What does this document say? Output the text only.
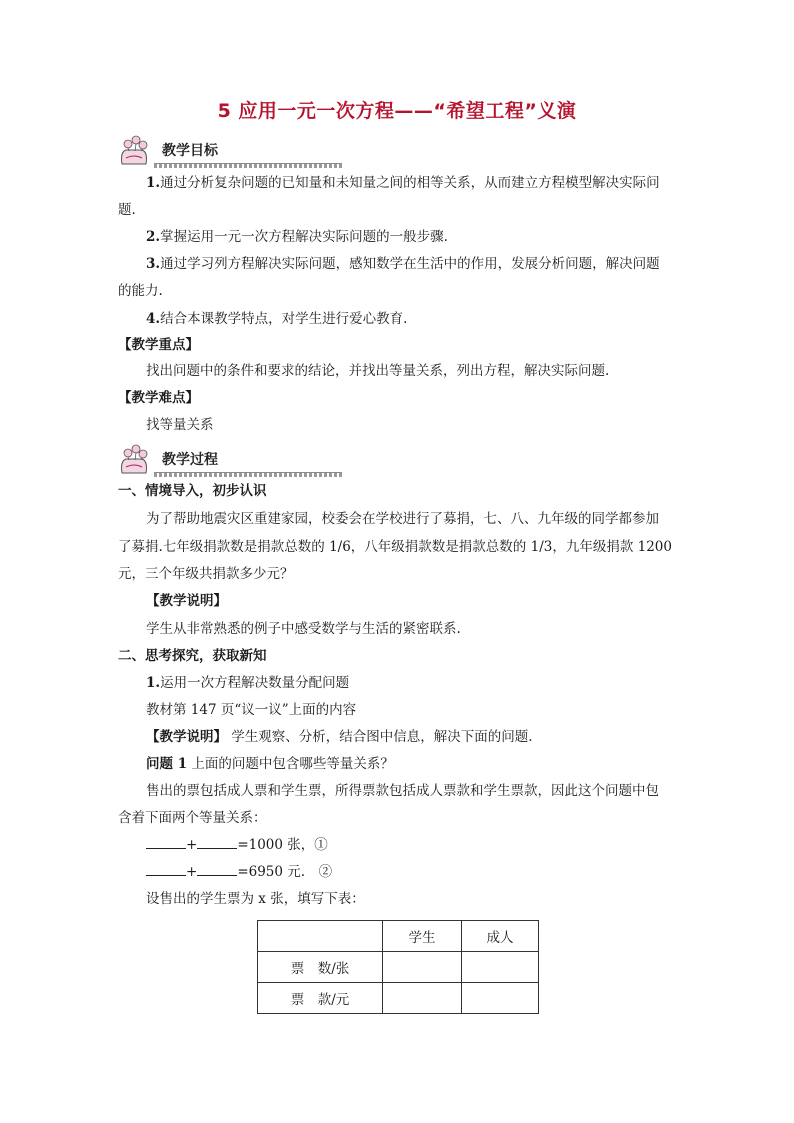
5 应用一元一次方程——“希望工程”义演
教学目标
1.通过分析复杂问题的已知量和未知量之间的相等关系，从而建立方程模型解决实际问
题.
2.掌握运用一元一次方程解决实际问题的一般步骤.
3.通过学习列方程解决实际问题，感知数学在生活中的作用，发展分析问题，解决问题
的能力.
4.结合本课教学特点，对学生进行爱心教育.
【教学重点】
找出问题中的条件和要求的结论，并找出等量关系，列出方程，解决实际问题.
【教学难点】
找等量关系
教学过程
一、情境导入，初步认识
为了帮助地震灾区重建家园，校委会在学校进行了募捐，七、八、九年级的同学都参加
了募捐.七年级捐款数是捐款总数的 1/6，八年级捐款数是捐款总数的 1/3，九年级捐款 1200
元，三个年级共捐款多少元？
【教学说明】
学生从非常熟悉的例子中感受数学与生活的紧密联系.
二、思考探究，获取新知
1.运用一次方程解决数量分配问题
教材第 147 页“议一议”上面的内容
【教学说明】 学生观察、分析，结合图中信息，解决下面的问题.
问题 1 上面的问题中包含哪些等量关系？
售出的票包括成人票和学生票，所得票款包括成人票款和学生票款，因此这个问题中包
含着下面两个等量关系：
+	=1000 张，①
+	=6950 元.　②
设售出的学生票为 x 张，填写下表：
	学生	成人
票　数/张		
票　款/元		
